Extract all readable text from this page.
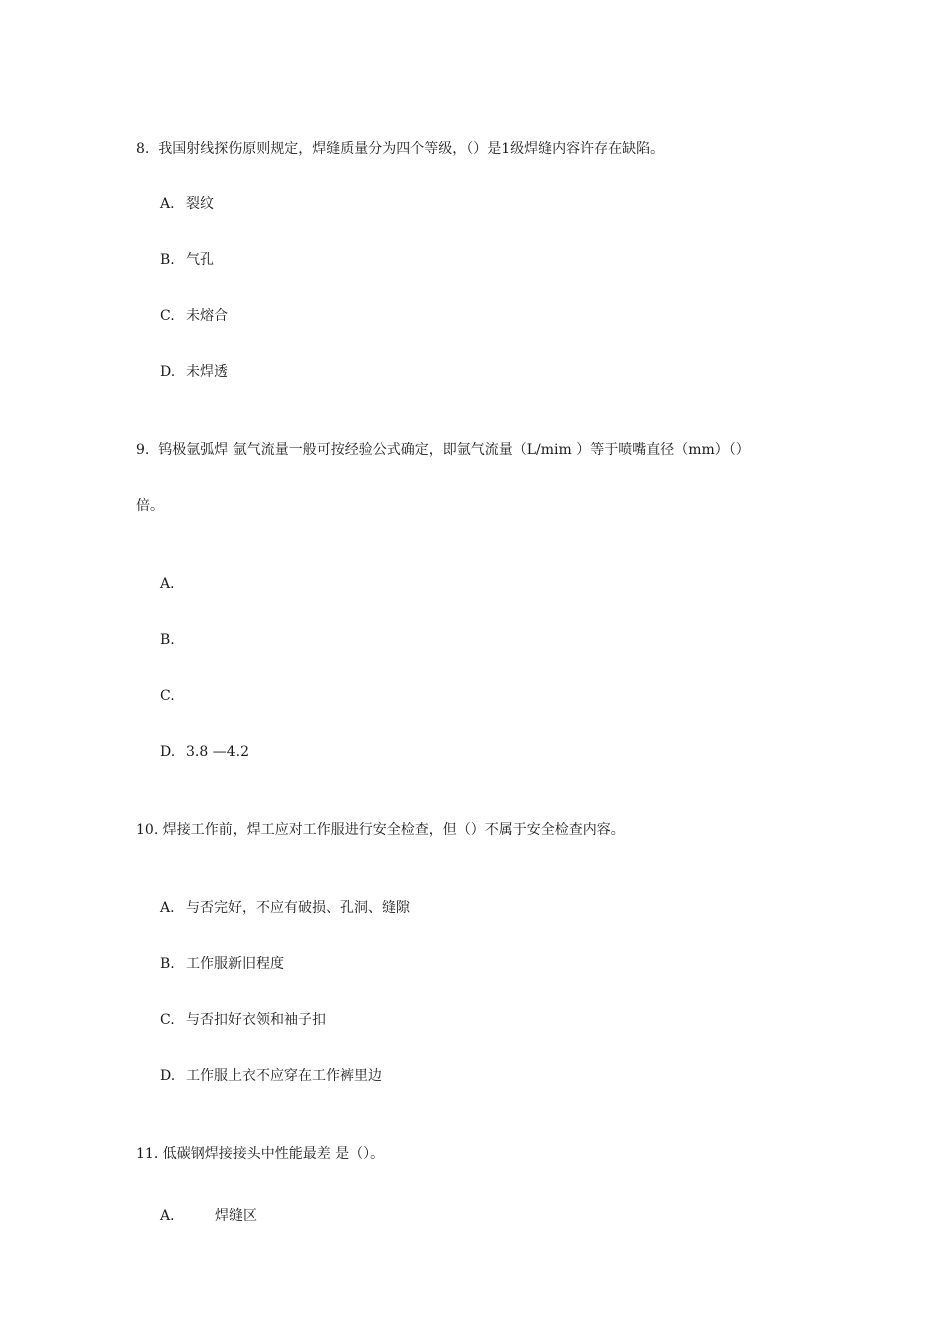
8.  我国射线探伤原则规定，焊缝质量分为四个等级，（）是1级焊缝内容许存在缺陷。
A. 裂纹
B. 气孔
C. 未熔合
D. 未焊透
9.  钨极氩弧焊 氩气流量一般可按经验公式确定，即氩气流量（L/mim ）等于喷嘴直径（mm）（）
倍。
A.
B.
C.
D. 3.8 —4.2
10. 焊接工作前，焊工应对工作服进行安全检查，但（）不属于安全检查内容。
A. 与否完好，不应有破损、孔洞、缝隙
B. 工作服新旧程度
C. 与否扣好衣领和袖子扣
D. 工作服上衣不应穿在工作裤里边
11. 低碳钢焊接接头中性能最差 是（）。
A.	焊缝区
